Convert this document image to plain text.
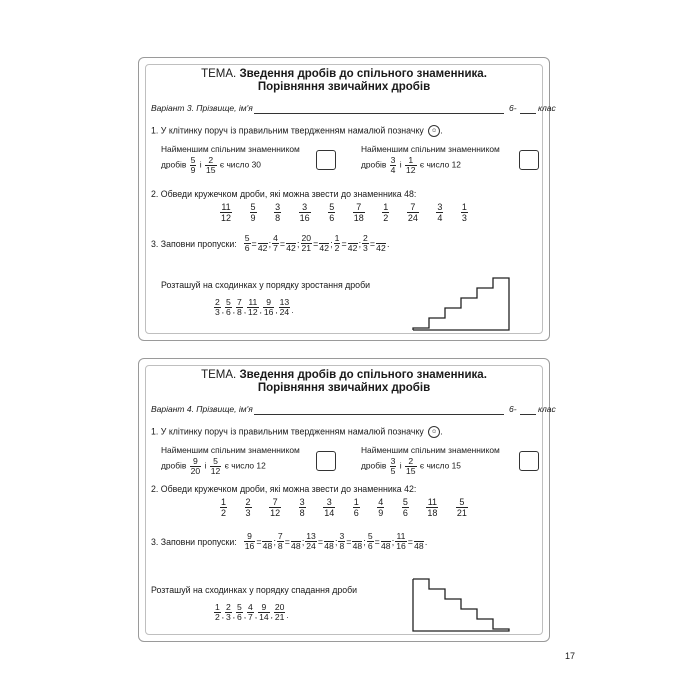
ТЕМА. Зведення дробів до спільного знаменника.
Порівняння звичайних дробів
Варіант 3. Прізвище, ім'я	6-	клас
1. У клітинку поруч із правильним твердженням намалюй позначку ☺ .
Найменшим спільним знаменником
дробів $\frac{5}{9}$ і $\frac{2}{15}$ є число 30
Найменшим спільним знаменником
дробів $\frac{3}{4}$ і $\frac{1}{12}$ є число 12
2. Обведи кружечком дроби, які можна звести до знаменника 48:
$\frac{11}{12} \frac{5}{9} \frac{3}{8} \frac{3}{16} \frac{5}{6} \frac{7}{18} \frac{1}{2} \frac{7}{24} \frac{3}{4} \frac{1}{3}$
3. Заповни пропуски: $\frac{5}{6} = 42$ ; $\frac{4}{7} = 42$ ; $\frac{20}{21} = 42$ ; $\frac{1}{2} = 42$ ; $\frac{2}{3} = 42$ .
Розташуй на сходинках у порядку зростання дроби
$\frac{2}{3}$ , $\frac{5}{6}$ , $\frac{7}{8}$ , $\frac{11}{12}$ , $\frac{9}{16}$ , $\frac{13}{24}$ .
ТЕМА. Зведення дробів до спільного знаменника.
Порівняння звичайних дробів
Варіант 4. Прізвище, ім'я	6-	клас
1. У клітинку поруч із правильним твердженням намалюй позначку ☺ .
Найменшим спільним знаменником
дробів $\frac{9}{20}$ і $\frac{5}{12}$ є число 12
Найменшим спільним знаменником
дробів $\frac{3}{5}$ і $\frac{2}{15}$ є число 15
2. Обведи кружечком дроби, які можна звести до знаменника 42:
$\frac{1}{2} \frac{2}{3} \frac{7}{12} \frac{3}{8} \frac{3}{14} \frac{1}{6} \frac{4}{9} \frac{5}{6} \frac{11}{18} \frac{5}{21}$
3. Заповни пропуски: $\frac{9}{16} = 48$ ; $\frac{7}{8} = 48$ ; $\frac{13}{24} = 48$ ; $\frac{3}{8} = 48$ ; $\frac{5}{6} = 48$ ; $\frac{11}{16} = 48$ .
Розташуй на сходинках у порядку спадання дроби
$\frac{1}{2}$ , $\frac{2}{3}$ , $\frac{5}{6}$ , $\frac{4}{7}$ , $\frac{9}{14}$ , $\frac{20}{21}$ .
17
